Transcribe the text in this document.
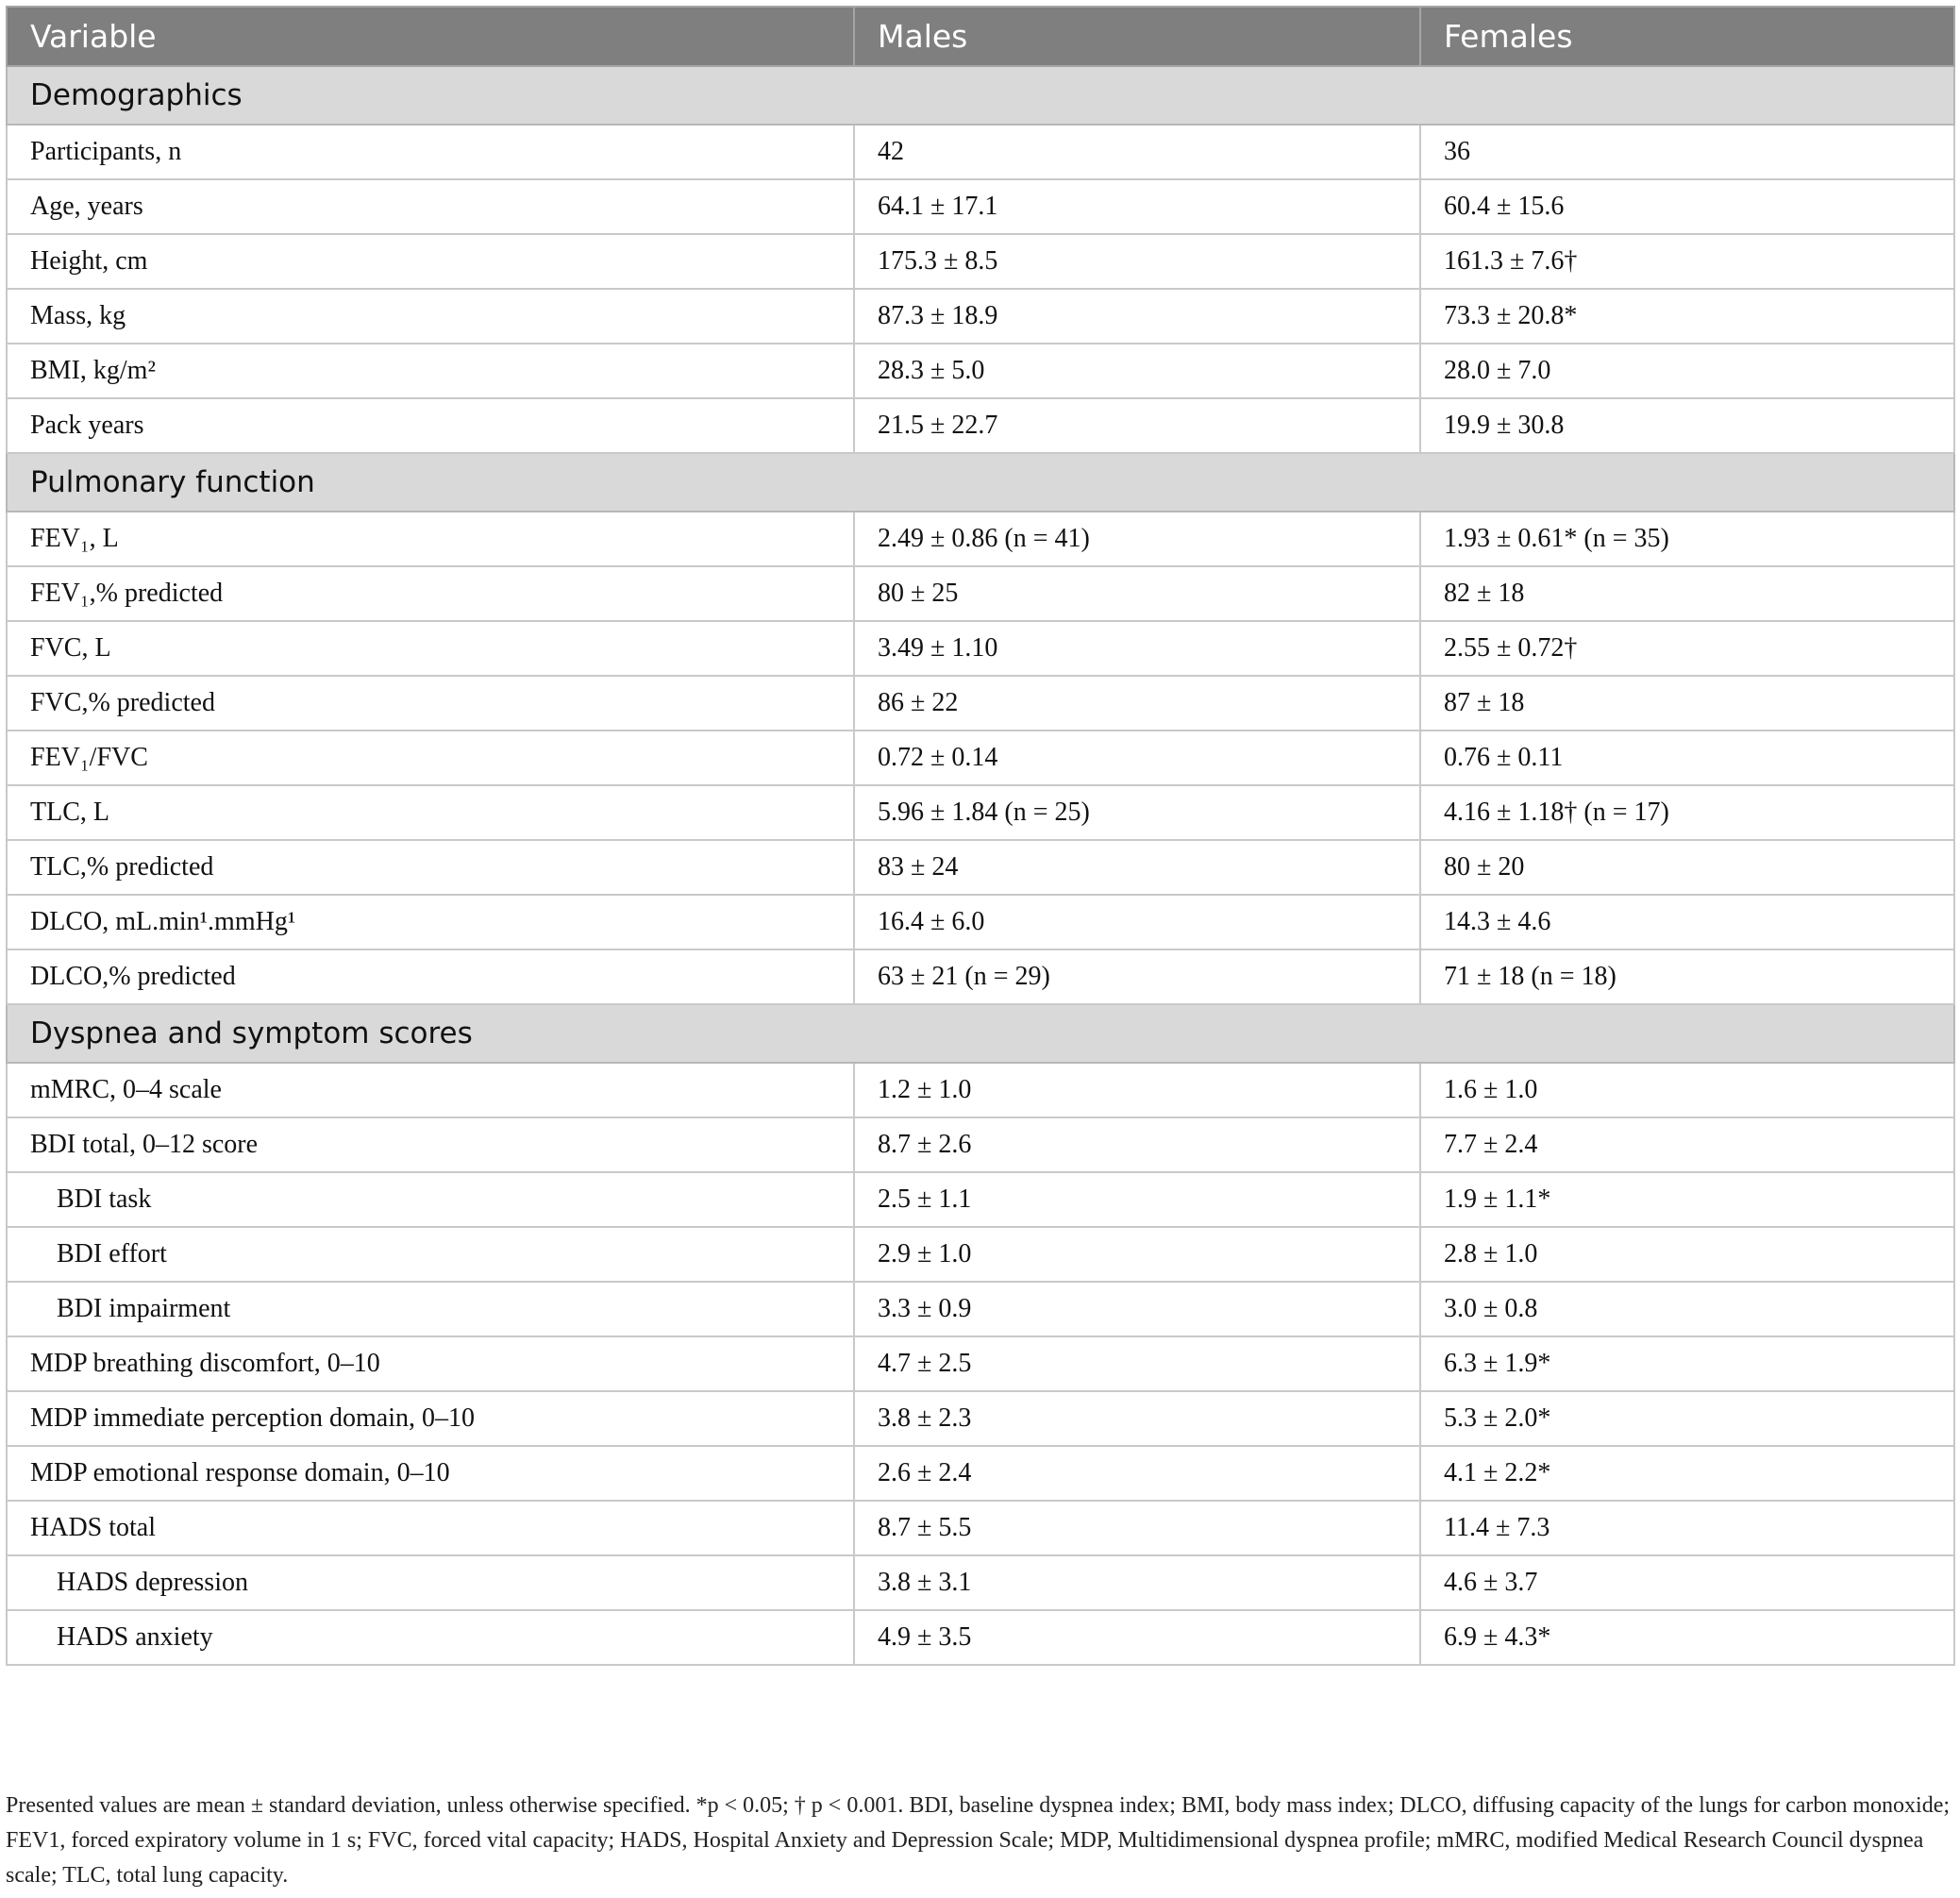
Variable	Males	Females
Demographics		
Participants, n	42	36
Age, years	64.1 ± 17.1	60.4 ± 15.6
Height, cm	175.3 ± 8.5	161.3 ± 7.6†
Mass, kg	87.3 ± 18.9	73.3 ± 20.8*
BMI, kg/m²	28.3 ± 5.0	28.0 ± 7.0
Pack years	21.5 ± 22.7	19.9 ± 30.8
Pulmonary function		
FEV₁, L	2.49 ± 0.86 (n = 41)	1.93 ± 0.61* (n = 35)
FEV₁,% predicted	80 ± 25	82 ± 18
FVC, L	3.49 ± 1.10	2.55 ± 0.72†
FVC,% predicted	86 ± 22	87 ± 18
FEV₁/FVC	0.72 ± 0.14	0.76 ± 0.11
TLC, L	5.96 ± 1.84 (n = 25)	4.16 ± 1.18† (n = 17)
TLC,% predicted	83 ± 24	80 ± 20
DLCO, mL.min¹.mmHg¹	16.4 ± 6.0	14.3 ± 4.6
DLCO,% predicted	63 ± 21 (n = 29)	71 ± 18 (n = 18)
Dyspnea and symptom scores		
mMRC, 0–4 scale	1.2 ± 1.0	1.6 ± 1.0
BDI total, 0–12 score	8.7 ± 2.6	7.7 ± 2.4
BDI task	2.5 ± 1.1	1.9 ± 1.1*
BDI effort	2.9 ± 1.0	2.8 ± 1.0
BDI impairment	3.3 ± 0.9	3.0 ± 0.8
MDP breathing discomfort, 0–10	4.7 ± 2.5	6.3 ± 1.9*
MDP immediate perception domain, 0–10	3.8 ± 2.3	5.3 ± 2.0*
MDP emotional response domain, 0–10	2.6 ± 2.4	4.1 ± 2.2*
HADS total	8.7 ± 5.5	11.4 ± 7.3
HADS depression	3.8 ± 3.1	4.6 ± 3.7
HADS anxiety	4.9 ± 3.5	6.9 ± 4.3*
Presented values are mean ± standard deviation, unless otherwise specified. *p < 0.05; † p < 0.001. BDI, baseline dyspnea index; BMI, body mass index; DLCO, diffusing capacity of the lungs for carbon monoxide; FEV1, forced expiratory volume in 1 s; FVC, forced vital capacity; HADS, Hospital Anxiety and Depression Scale; MDP, Multidimensional dyspnea profile; mMRC, modified Medical Research Council dyspnea scale; TLC, total lung capacity.
